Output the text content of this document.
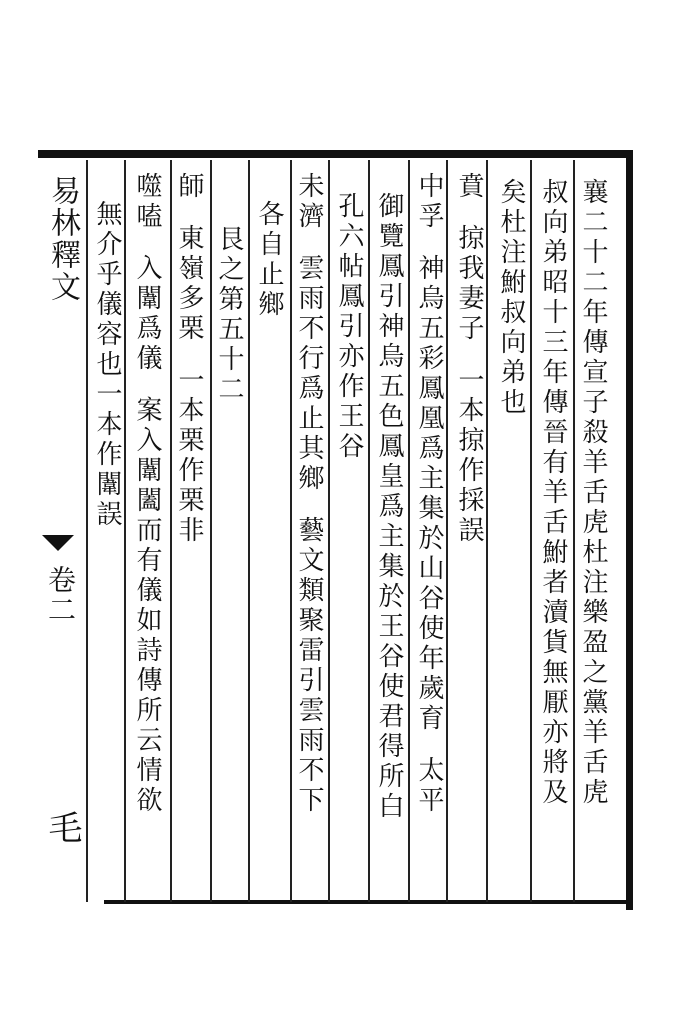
易林釋文
卷二
毛
襄二十二年傳宣子殺羊舌虎杜注樂盈之黨羊舌虎
叔向弟昭十三年傳晉有羊舌鮒者瀆貨無厭亦將及
矣杜注鮒叔向弟也
賁掠我妻子一本掠作採誤
中孚神烏五彩鳳凰爲主集於山谷使年歲育太平
御覽鳳引神烏五色鳳皇爲主集於王谷使君得所白
孔六帖鳳引亦作王谷
未濟雲雨不行爲止其鄉藝文類聚雷引雲雨不下
各自止鄉
艮之第五十二
師東嶺多栗一本栗作栗非
噬嗑入闈爲儀案入闈闔而有儀如詩傳所云情欲
無介乎儀容也一本作闈誤
